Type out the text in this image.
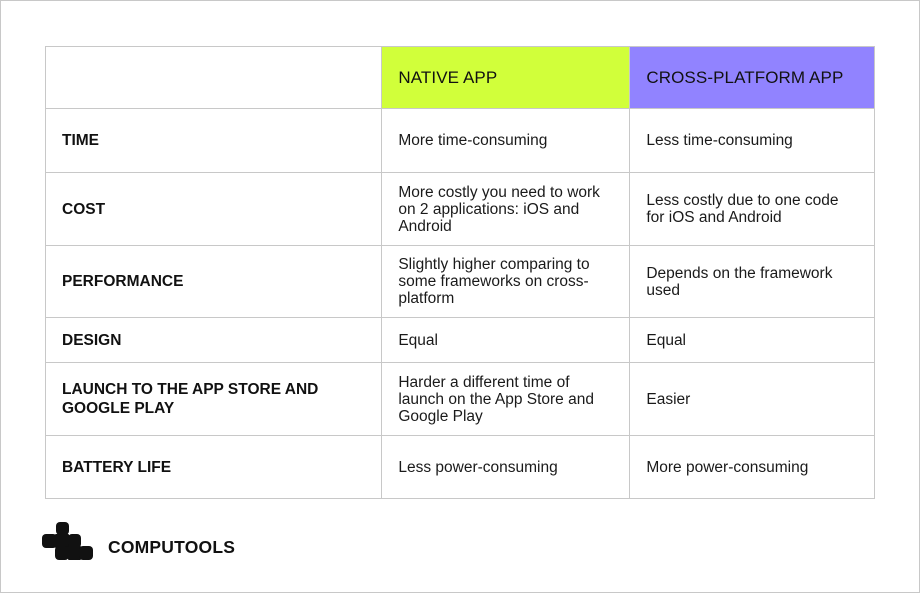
	NATIVE APP	CROSS-PLATFORM APP
TIME	More time-consuming	Less time-consuming
COST	More costly you need to work on 2 applications: iOS and Android	Less costly due to one code for iOS and Android
PERFORMANCE	Slightly higher comparing to some frameworks on cross-platform	Depends on the framework used
DESIGN	Equal	Equal
LAUNCH TO THE APP STORE AND GOOGLE PLAY	Harder a different time of launch on the App Store and Google Play	Easier
BATTERY LIFE	Less power-consuming	More power-consuming
COMPUTOOLS
